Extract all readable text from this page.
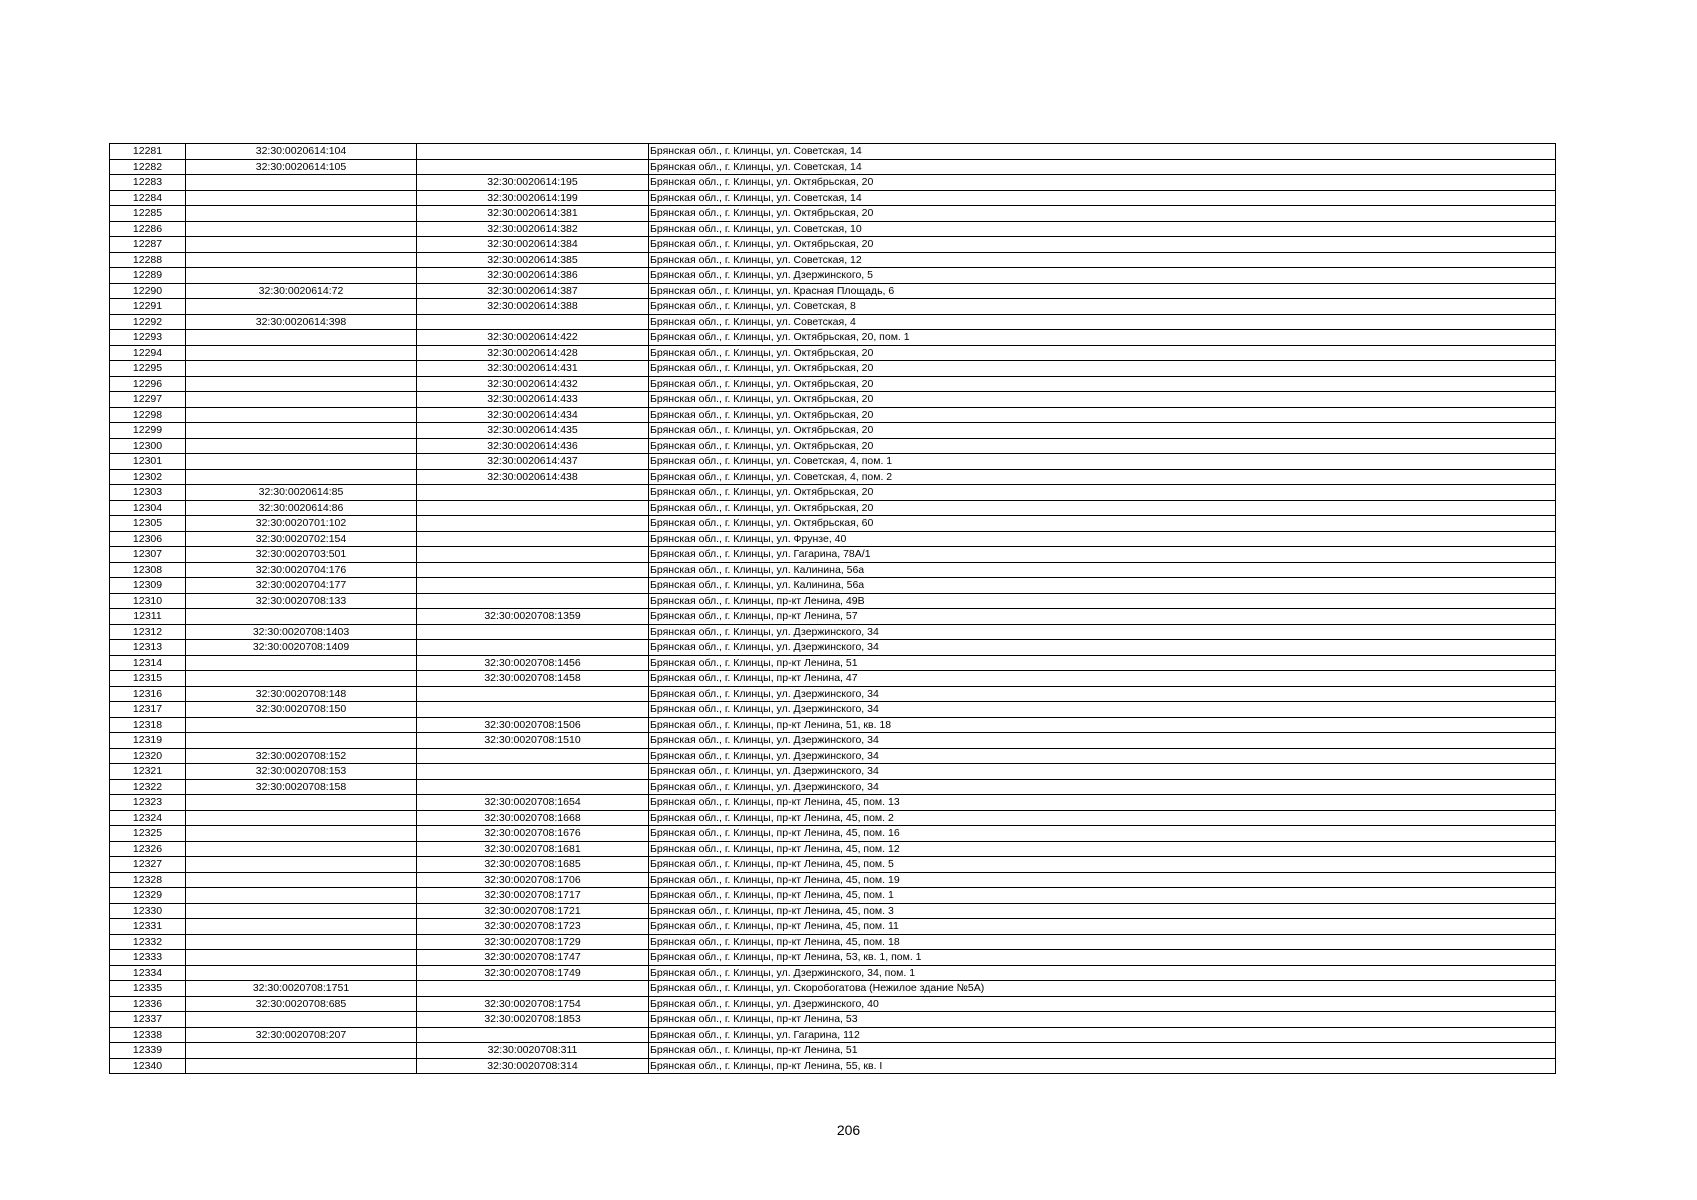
12281	32:30:0020614:104		Брянская обл., г. Клинцы, ул. Советская, 14
12282	32:30:0020614:105		Брянская обл., г. Клинцы, ул. Советская, 14
12283		32:30:0020614:195	Брянская обл., г. Клинцы, ул. Октябрьская, 20
12284		32:30:0020614:199	Брянская обл., г. Клинцы, ул. Советская, 14
12285		32:30:0020614:381	Брянская обл., г. Клинцы, ул. Октябрьская, 20
12286		32:30:0020614:382	Брянская обл., г. Клинцы, ул. Советская, 10
12287		32:30:0020614:384	Брянская обл., г. Клинцы, ул. Октябрьская, 20
12288		32:30:0020614:385	Брянская обл., г. Клинцы, ул. Советская, 12
12289		32:30:0020614:386	Брянская обл., г. Клинцы, ул. Дзержинского, 5
12290	32:30:0020614:72	32:30:0020614:387	Брянская обл., г. Клинцы, ул. Красная Площадь, 6
12291		32:30:0020614:388	Брянская обл., г. Клинцы, ул. Советская, 8
12292	32:30:0020614:398		Брянская обл., г. Клинцы, ул. Советская, 4
12293		32:30:0020614:422	Брянская обл., г. Клинцы, ул. Октябрьская, 20, пом. 1
12294		32:30:0020614:428	Брянская обл., г. Клинцы, ул. Октябрьская, 20
12295		32:30:0020614:431	Брянская обл., г. Клинцы, ул. Октябрьская, 20
12296		32:30:0020614:432	Брянская обл., г. Клинцы, ул. Октябрьская, 20
12297		32:30:0020614:433	Брянская обл., г. Клинцы, ул. Октябрьская, 20
12298		32:30:0020614:434	Брянская обл., г. Клинцы, ул. Октябрьская, 20
12299		32:30:0020614:435	Брянская обл., г. Клинцы, ул. Октябрьская, 20
12300		32:30:0020614:436	Брянская обл., г. Клинцы, ул. Октябрьская, 20
12301		32:30:0020614:437	Брянская обл., г. Клинцы, ул. Советская, 4, пом. 1
12302		32:30:0020614:438	Брянская обл., г. Клинцы, ул. Советская, 4, пом. 2
12303	32:30:0020614:85		Брянская обл., г. Клинцы, ул. Октябрьская, 20
12304	32:30:0020614:86		Брянская обл., г. Клинцы, ул. Октябрьская, 20
12305	32:30:0020701:102		Брянская обл., г. Клинцы, ул. Октябрьская, 60
12306	32:30:0020702:154		Брянская обл., г. Клинцы, ул. Фрунзе, 40
12307	32:30:0020703:501		Брянская обл., г. Клинцы, ул. Гагарина, 78А/1
12308	32:30:0020704:176		Брянская обл., г. Клинцы, ул. Калинина, 56а
12309	32:30:0020704:177		Брянская обл., г. Клинцы, ул. Калинина, 56а
12310	32:30:0020708:133		Брянская обл., г. Клинцы, пр-кт Ленина, 49В
12311		32:30:0020708:1359	Брянская обл., г. Клинцы, пр-кт Ленина, 57
12312	32:30:0020708:1403		Брянская обл., г. Клинцы, ул. Дзержинского, 34
12313	32:30:0020708:1409		Брянская обл., г. Клинцы, ул. Дзержинского, 34
12314		32:30:0020708:1456	Брянская обл., г. Клинцы, пр-кт Ленина, 51
12315		32:30:0020708:1458	Брянская обл., г. Клинцы, пр-кт Ленина, 47
12316	32:30:0020708:148		Брянская обл., г. Клинцы, ул. Дзержинского, 34
12317	32:30:0020708:150		Брянская обл., г. Клинцы, ул. Дзержинского, 34
12318		32:30:0020708:1506	Брянская обл., г. Клинцы, пр-кт Ленина, 51, кв. 18
12319		32:30:0020708:1510	Брянская обл., г. Клинцы, ул. Дзержинского, 34
12320	32:30:0020708:152		Брянская обл., г. Клинцы, ул. Дзержинского, 34
12321	32:30:0020708:153		Брянская обл., г. Клинцы, ул. Дзержинского, 34
12322	32:30:0020708:158		Брянская обл., г. Клинцы, ул. Дзержинского, 34
12323		32:30:0020708:1654	Брянская обл., г. Клинцы, пр-кт Ленина, 45, пом. 13
12324		32:30:0020708:1668	Брянская обл., г. Клинцы, пр-кт Ленина, 45, пом. 2
12325		32:30:0020708:1676	Брянская обл., г. Клинцы, пр-кт Ленина, 45, пом. 16
12326		32:30:0020708:1681	Брянская обл., г. Клинцы, пр-кт Ленина, 45, пом. 12
12327		32:30:0020708:1685	Брянская обл., г. Клинцы, пр-кт Ленина, 45, пом. 5
12328		32:30:0020708:1706	Брянская обл., г. Клинцы, пр-кт Ленина, 45, пом. 19
12329		32:30:0020708:1717	Брянская обл., г. Клинцы, пр-кт Ленина, 45, пом. 1
12330		32:30:0020708:1721	Брянская обл., г. Клинцы, пр-кт Ленина, 45, пом. 3
12331		32:30:0020708:1723	Брянская обл., г. Клинцы, пр-кт Ленина, 45, пом. 11
12332		32:30:0020708:1729	Брянская обл., г. Клинцы, пр-кт Ленина, 45, пом. 18
12333		32:30:0020708:1747	Брянская обл., г. Клинцы, пр-кт Ленина, 53, кв. 1, пом. 1
12334		32:30:0020708:1749	Брянская обл., г. Клинцы, ул. Дзержинского, 34, пом. 1
12335	32:30:0020708:1751		Брянская обл., г. Клинцы, ул. Скоробогатова (Нежилое здание №5А)
12336	32:30:0020708:685	32:30:0020708:1754	Брянская обл., г. Клинцы, ул. Дзержинского, 40
12337		32:30:0020708:1853	Брянская обл., г. Клинцы, пр-кт Ленина, 53
12338	32:30:0020708:207		Брянская обл., г. Клинцы, ул. Гагарина, 112
12339		32:30:0020708:311	Брянская обл., г. Клинцы, пр-кт Ленина, 51
12340		32:30:0020708:314	Брянская обл., г. Клинцы, пр-кт Ленина, 55, кв. I
206
